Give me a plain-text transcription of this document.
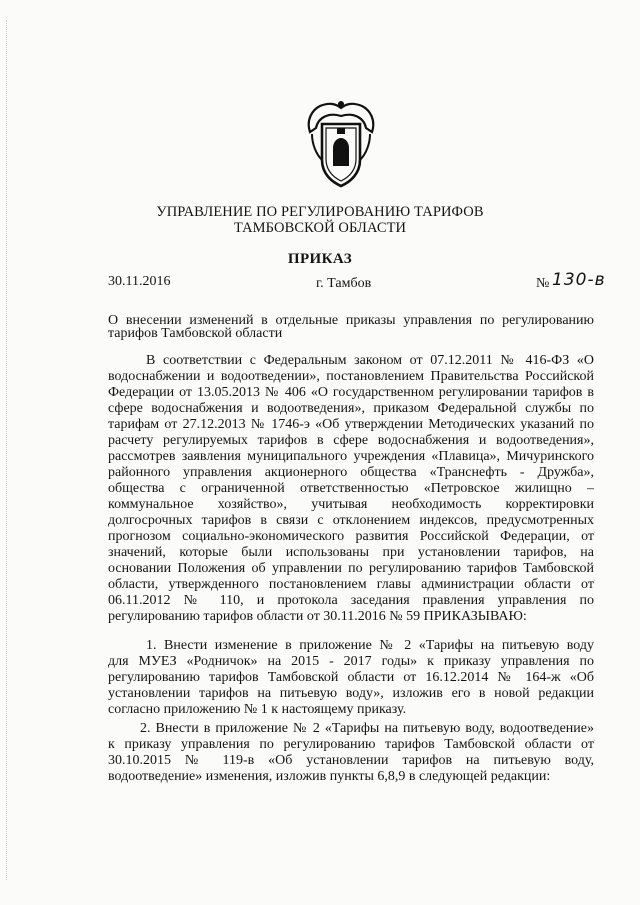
УПРАВЛЕНИЕ ПО РЕГУЛИРОВАНИЮ ТАРИФОВ
ТАМБОВСКОЙ ОБЛАСТИ
ПРИКАЗ
30.11.2016	г. Тамбов	№ 130-в
О внесении изменений в отдельные приказы управления по регулированию
тарифов Тамбовской области
В соответствии с Федеральным законом от 07.12.2011 № 416-ФЗ «О
водоснабжении и водоотведении», постановлением Правительства Российской
Федерации от 13.05.2013 № 406 «О государственном регулировании тарифов в
сфере водоснабжения и водоотведения», приказом Федеральной службы по
тарифам от 27.12.2013 № 1746-э «Об утверждении Методических указаний по
расчету регулируемых тарифов в сфере водоснабжения и водоотведения»,
рассмотрев заявления муниципального учреждения «Плавица», Мичуринского
районного управления акционерного общества «Транснефть - Дружба»,
общества с ограниченной ответственностью «Петровское жилищно –
коммунальное хозяйство», учитывая необходимость корректировки
долгосрочных тарифов в связи с отклонением индексов, предусмотренных
прогнозом социально-экономического развития Российской Федерации, от
значений, которые были использованы при установлении тарифов, на
основании Положения об управлении по регулированию тарифов Тамбовской
области, утвержденного постановлением главы администрации области от
06.11.2012 № 110, и протокола заседания правления управления по
регулированию тарифов области от 30.11.2016 № 59 ПРИКАЗЫВАЮ:
1. Внести изменение в приложение № 2 «Тарифы на питьевую воду
для МУЕЗ «Родничок» на 2015 - 2017 годы» к приказу управления по
регулированию тарифов Тамбовской области от 16.12.2014 № 164-ж «Об
установлении тарифов на питьевую воду», изложив его в новой редакции
согласно приложению № 1 к настоящему приказу.
2. Внести в приложение № 2 «Тарифы на питьевую воду, водоотведение»
к приказу управления по регулированию тарифов Тамбовской области от
30.10.2015 № 119-в «Об установлении тарифов на питьевую воду,
водоотведение» изменения, изложив пункты 6,8,9 в следующей редакции:
